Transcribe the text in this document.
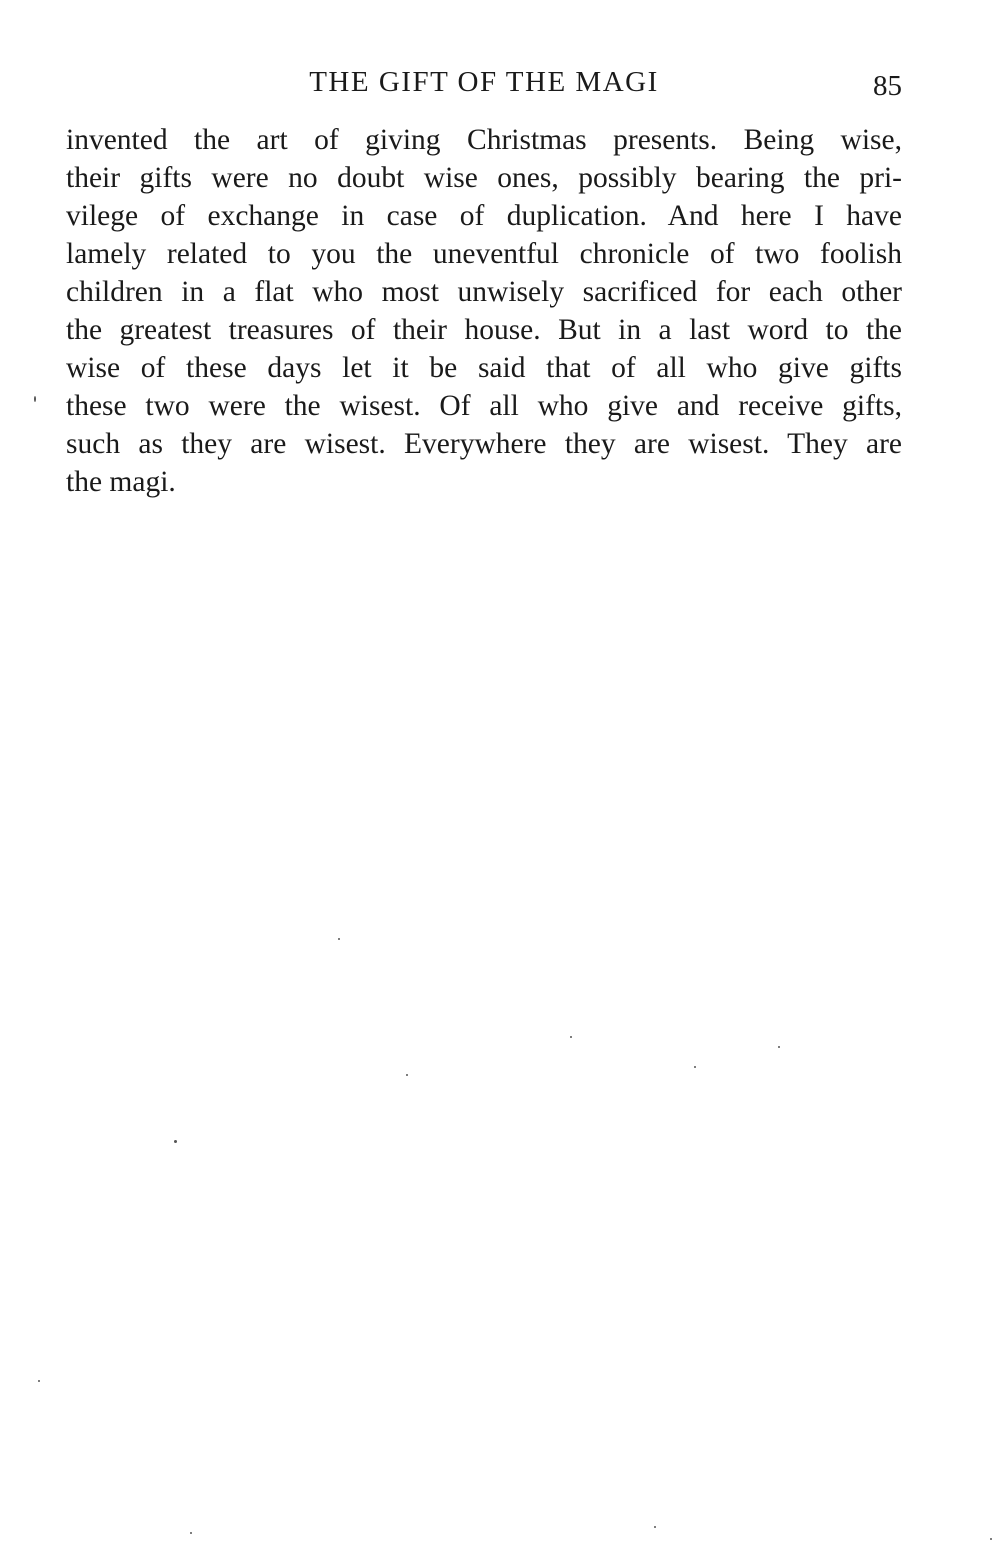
THE GIFT OF THE MAGI	85
invented the art of giving Christmas presents. Being wise,
their gifts were no doubt wise ones, possibly bearing the pri-
vilege of exchange in case of duplication. And here I have
lamely related to you the uneventful chronicle of two foolish
children in a flat who most unwisely sacrificed for each other
the greatest treasures of their house. But in a last word to the
wise of these days let it be said that of all who give gifts
these two were the wisest. Of all who give and receive gifts,
such as they are wisest. Everywhere they are wisest. They are
the magi.
